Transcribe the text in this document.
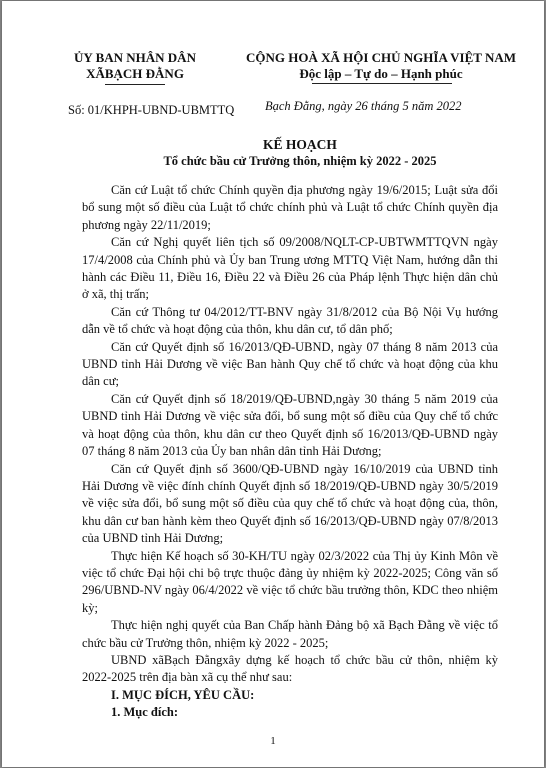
ỦY BAN NHÂN DÂN
XÃBẠCH ĐẰNG
CỘNG HOÀ XÃ HỘI CHỦ NGHĨA VIỆT NAM
Độc lập – Tự do – Hạnh phúc
Số: 01/KHPH-UBND-UBMTTQ Bạch Đằng, ngày 26 tháng 5 năm 2022
KẾ HOẠCH
Tổ chức bầu cử Trưởng thôn, nhiệm kỳ 2022 - 2025

Căn cứ Luật tổ chức Chính quyền địa phương ngày 19/6/2015; Luật sửa đổi bổ sung một số điều của Luật tổ chức chính phủ và Luật tổ chức Chính quyền địa phương ngày 22/11/2019;

Căn cứ Nghị quyết liên tịch số 09/2008/NQLT-CP-UBTWMTTQVN ngày 17/4/2008 của Chính phủ và Ủy ban Trung ương MTTQ Việt Nam, hướng dẫn thi hành các Điều 11, Điều 16, Điều 22 và Điều 26 của Pháp lệnh Thực hiện dân chủ ở xã, thị trấn;

Căn cứ Thông tư 04/2012/TT-BNV ngày 31/8/2012 của Bộ Nội Vụ hướng dẫn về tổ chức và hoạt động của thôn, khu dân cư, tổ dân phố;

Căn cứ Quyết định số 16/2013/QĐ-UBND, ngày 07 tháng 8 năm 2013 của UBND tỉnh Hải Dương về việc Ban hành Quy chế tổ chức và hoạt động của khu dân cư;

Căn cứ Quyết định số 18/2019/QĐ-UBND,ngày 30 tháng 5 năm 2019 của UBND tỉnh Hải Dương về việc sửa đổi, bổ sung một số điều của Quy chế tổ chức và hoạt động của thôn, khu dân cư theo Quyết định số 16/2013/QĐ-UBND ngày 07 tháng 8 năm 2013 của Ủy ban nhân dân tỉnh Hải Dương;

Căn cứ Quyết định số 3600/QĐ-UBND ngày 16/10/2019 của UBND tỉnh Hải Dương về việc đính chính Quyết định số 18/2019/QĐ-UBND ngày 30/5/2019 về việc sửa đổi, bổ sung một số điều của quy chế tổ chức và hoạt động của, thôn, khu dân cư ban hành kèm theo Quyết định số 16/2013/QĐ-UBND ngày 07/8/2013 của UBND tỉnh Hải Dương;

Thực hiện Kế hoạch số 30-KH/TU ngày 02/3/2022 của Thị ủy Kinh Môn về việc tổ chức Đại hội chi bộ trực thuộc đảng ủy nhiệm kỳ 2022-2025; Công văn số 296/UBND-NV ngày 06/4/2022 về việc tổ chức bầu trưởng thôn, KDC theo nhiệm kỳ;

Thực hiện nghị quyết của Ban Chấp hành Đảng bộ xã Bạch Đằng về việc tổ chức bầu cử Trưởng thôn, nhiệm kỳ 2022 - 2025;

UBND xãBạch Đằngxây dựng kế hoạch tổ chức bầu cử thôn, nhiệm kỳ 2022-2025 trên địa bàn xã cụ thể như sau:

I. MỤC ĐÍCH, YÊU CẦU:

1. Mục đích:

1
